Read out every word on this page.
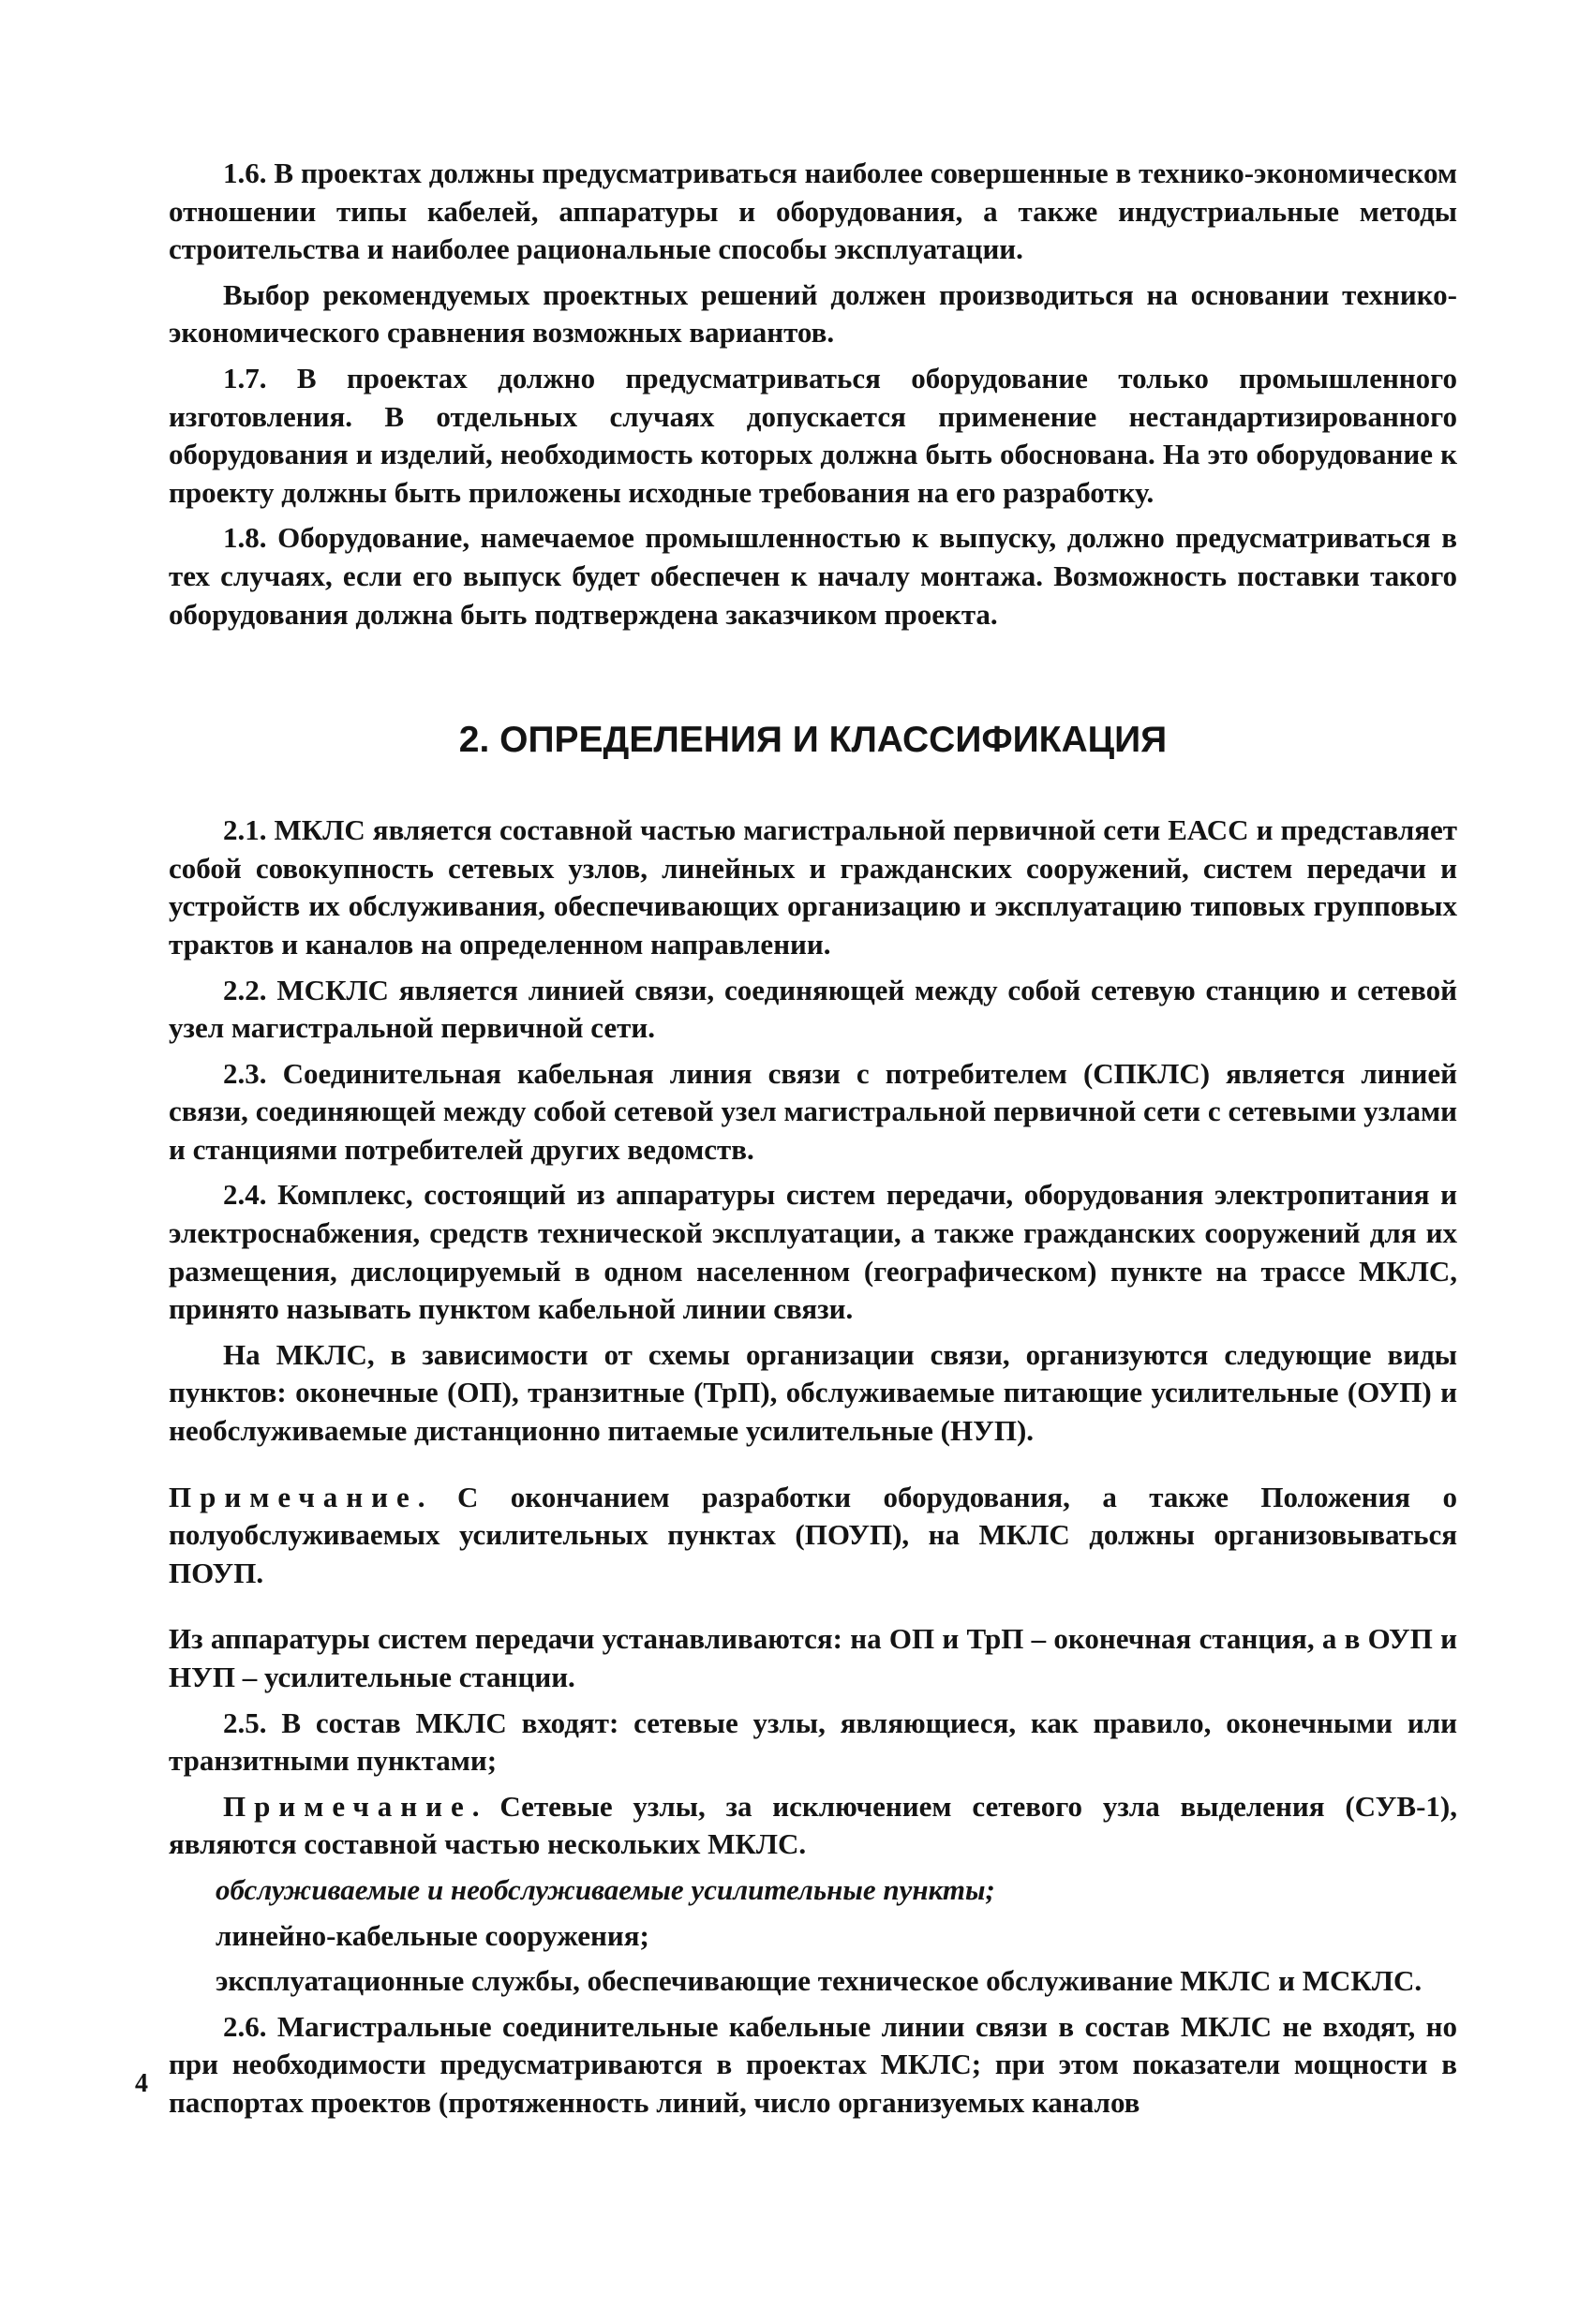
1.6. В проектах должны предусматриваться наиболее совершенные в технико-экономическом отношении типы кабелей, аппаратуры и оборудования, а также индустриальные методы строительства и наиболее рациональные способы эксплуатации.

Выбор рекомендуемых проектных решений должен производиться на основании технико-экономического сравнения возможных вариантов.

1.7. В проектах должно предусматриваться оборудование только промышленного изготовления. В отдельных случаях допускается применение нестандартизированного оборудования и изделий, необходимость которых должна быть обоснована. На это оборудование к проекту должны быть приложены исходные требования на его разработку.

1.8. Оборудование, намечаемое промышленностью к выпуску, должно предусматриваться в тех случаях, если его выпуск будет обеспечен к началу монтажа. Возможность поставки такого оборудования должна быть подтверждена заказчиком проекта.

2. ОПРЕДЕЛЕНИЯ И КЛАССИФИКАЦИЯ

2.1. МКЛС является составной частью магистральной первичной сети ЕАСС и представляет собой совокупность сетевых узлов, линейных и гражданских сооружений, систем передачи и устройств их обслуживания, обеспечивающих организацию и эксплуатацию типовых групповых трактов и каналов на определенном направлении.

2.2. МСКЛС является линией связи, соединяющей между собой сетевую станцию и сетевой узел магистральной первичной сети.

2.3. Соединительная кабельная линия связи с потребителем (СПКЛС) является линией связи, соединяющей между собой сетевой узел магистральной первичной сети с сетевыми узлами и станциями потребителей других ведомств.

2.4. Комплекс, состоящий из аппаратуры систем передачи, оборудования электропитания и электроснабжения, средств технической эксплуатации, а также гражданских сооружений для их размещения, дислоцируемый в одном населенном (географическом) пункте на трассе МКЛС, принято называть пунктом кабельной линии связи.

На МКЛС, в зависимости от схемы организации связи, организуются следующие виды пунктов: оконечные (ОП), транзитные (ТрП), обслуживаемые питающие усилительные (ОУП) и необслуживаемые дистанционно питаемые усилительные (НУП).

Примечание. С окончанием разработки оборудования, а также Положения о полуобслуживаемых усилительных пунктах (ПОУП), на МКЛС должны организовываться ПОУП.

Из аппаратуры систем передачи устанавливаются: на ОП и ТрП – оконечная станция, а в ОУП и НУП – усилительные станции.

2.5. В состав МКЛС входят: сетевые узлы, являющиеся, как правило, оконечными или транзитными пунктами;

Примечание. Сетевые узлы, за исключением сетевого узла выделения (СУВ-1), являются составной частью нескольких МКЛС.

обслуживаемые и необслуживаемые усилительные пункты;

линейно-кабельные сооружения;

эксплуатационные службы, обеспечивающие техническое обслуживание МКЛС и МСКЛС.

2.6. Магистральные соединительные кабельные линии связи в состав МКЛС не входят, но при необходимости предусматриваются в проектах МКЛС; при этом показатели мощности в паспортах проектов (протяженность линий, число организуемых каналов

4
